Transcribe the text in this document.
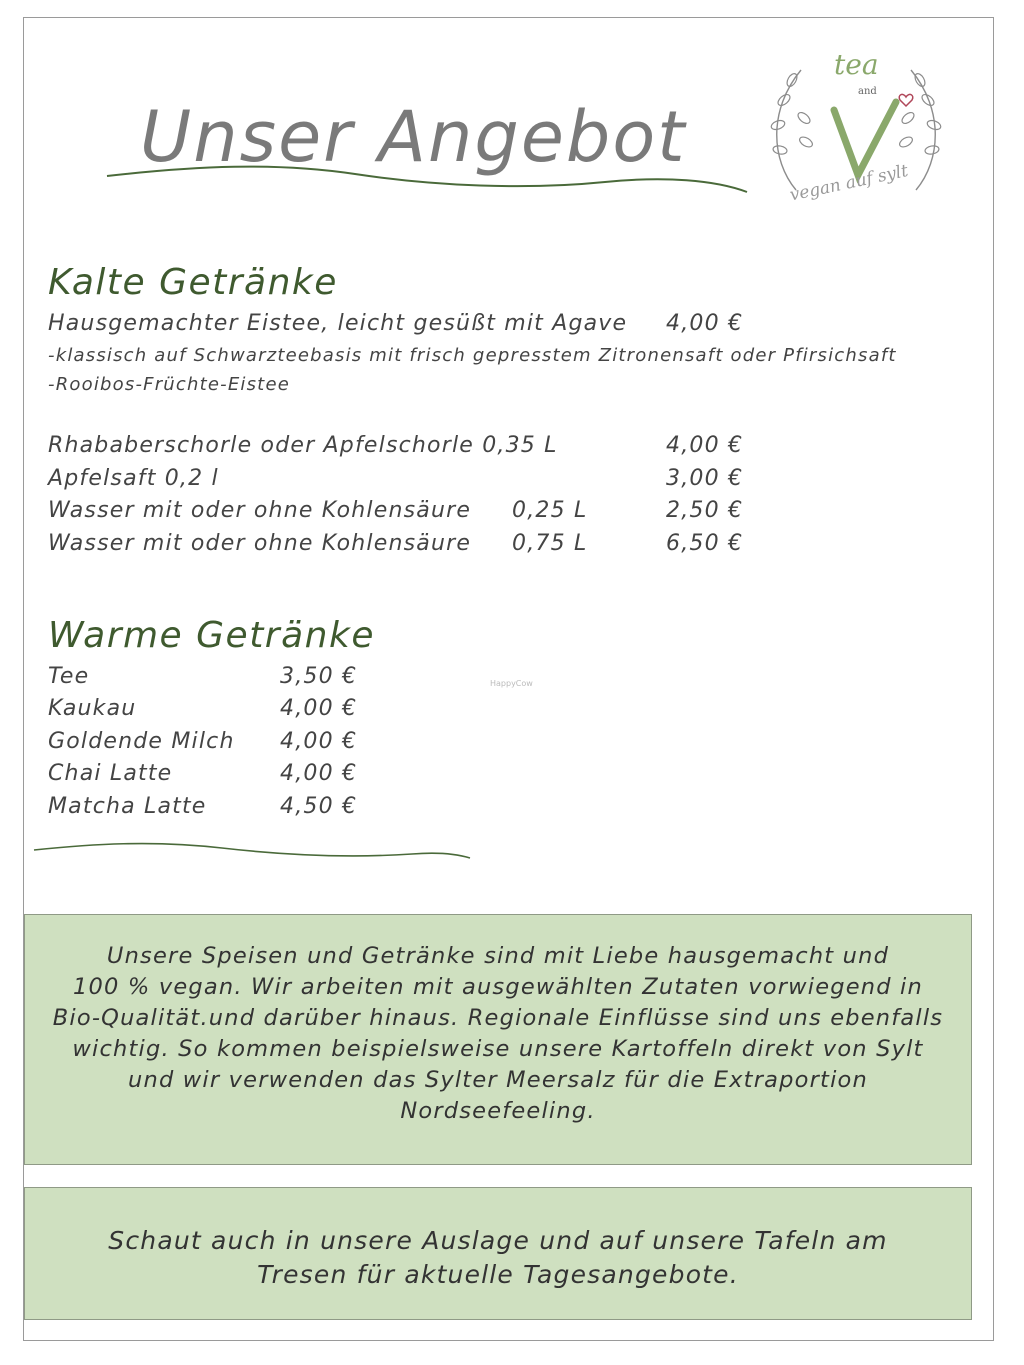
Unser Angebot
tea
and
vegan auf sylt
Kalte Getränke
Hausgemachter Eistee, leicht gesüßt mit Agave 4,00 €
-klassisch auf Schwarzteebasis mit frisch gepresstem Zitronensaft oder Pfirsichsaft
-Rooibos-Früchte-Eistee
Rhababerschorle oder Apfelschorle 0,35 L	4,00 €
Apfelsaft 0,2 l	3,00 €
Wasser mit oder ohne Kohlensäure 0,25 L	2,50 €
Wasser mit oder ohne Kohlensäure 0,75 L	6,50 €
Warme Getränke
Tee	3,50 €
Kaukau	4,00 €
Goldende Milch 4,00 €
Chai Latte	4,00 €
Matcha Latte	4,50 €
HappyCow
Unsere Speisen und Getränke sind mit Liebe hausgemacht und
100 % vegan. Wir arbeiten mit ausgewählten Zutaten vorwiegend in
Bio-Qualität.und darüber hinaus. Regionale Einflüsse sind uns ebenfalls
wichtig. So kommen beispielsweise unsere Kartoffeln direkt von Sylt
und wir verwenden das Sylter Meersalz für die Extraportion
Nordseefeeling.
Schaut auch in unsere Auslage und auf unsere Tafeln am
Tresen für aktuelle Tagesangebote.
